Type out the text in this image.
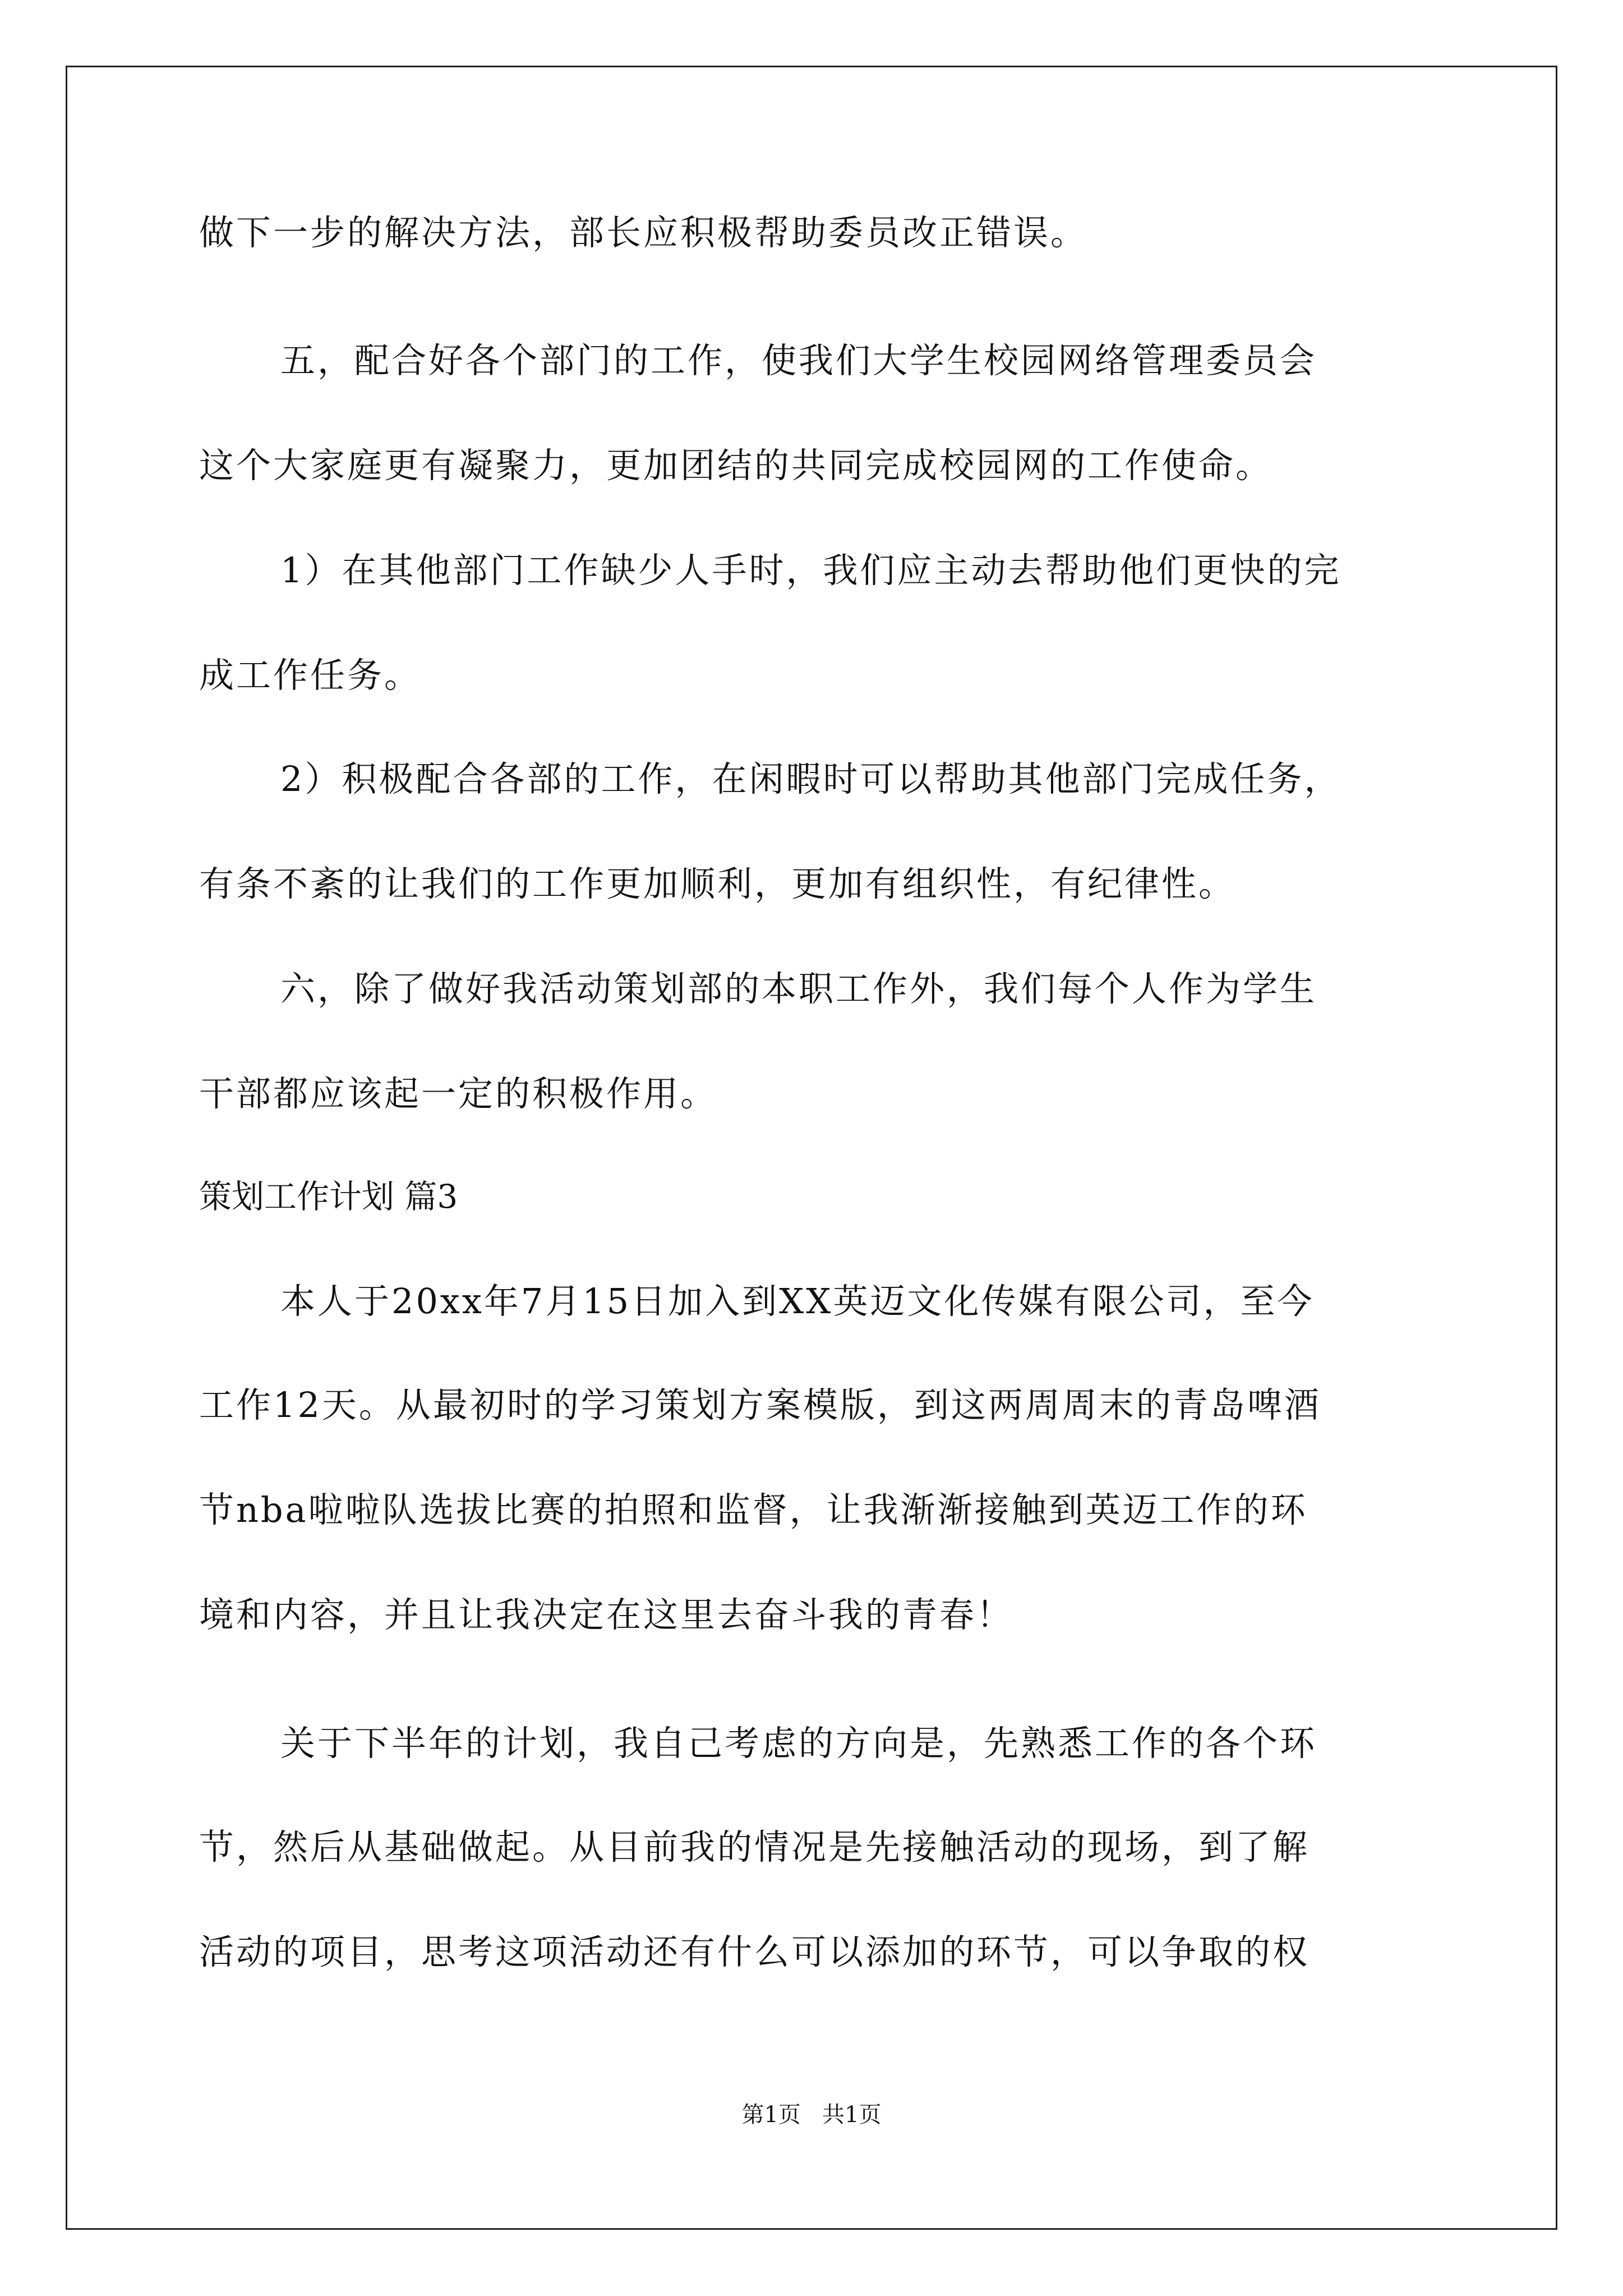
做下一步的解决方法，部长应积极帮助委员改正错误。
五，配合好各个部门的工作，使我们大学生校园网络管理委员会
这个大家庭更有凝聚力，更加团结的共同完成校园网的工作使命。
1）在其他部门工作缺少人手时，我们应主动去帮助他们更快的完
成工作任务。
2）积极配合各部的工作，在闲暇时可以帮助其他部门完成任务，
有条不紊的让我们的工作更加顺利，更加有组织性，有纪律性。
六，除了做好我活动策划部的本职工作外，我们每个人作为学生
干部都应该起一定的积极作用。
策划工作计划 篇3
本人于20xx年7月15日加入到XX英迈文化传媒有限公司，至今
工作12天。从最初时的学习策划方案模版，到这两周周末的青岛啤酒
节nba啦啦队选拔比赛的拍照和监督，让我渐渐接触到英迈工作的环
境和内容，并且让我决定在这里去奋斗我的青春！
关于下半年的计划，我自己考虑的方向是，先熟悉工作的各个环
节，然后从基础做起。从目前我的情况是先接触活动的现场，到了解
活动的项目，思考这项活动还有什么可以添加的环节，可以争取的权
第1页   共1页
